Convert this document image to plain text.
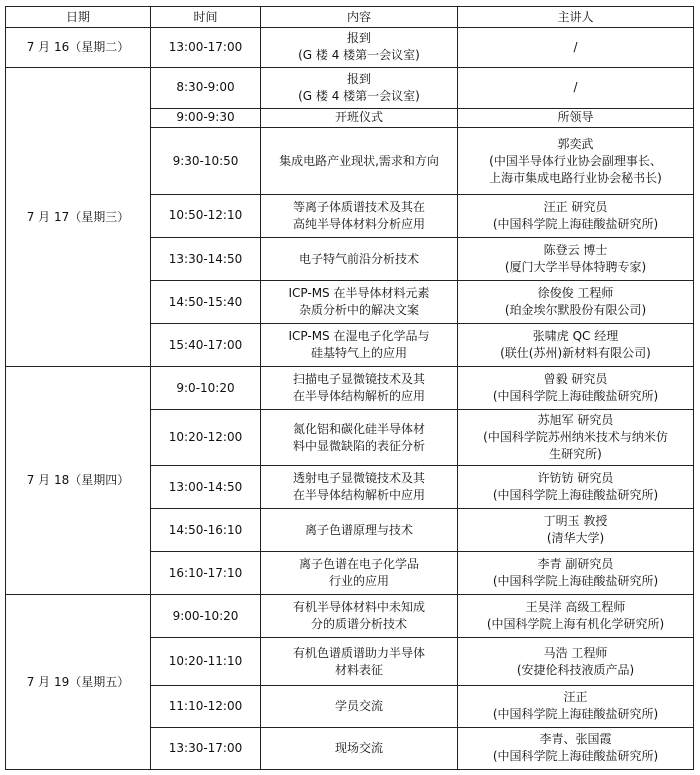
日期	时间	内容	主讲人
7 月 16（星期二）	13:00-17:00	报到
(G 楼 4 楼第一会议室)	/

7 月 17（星期三）	8:30-9:00	报到
(G 楼 4 楼第一会议室)	/

	9:00-9:30	开班仪式	所领导

	9:30-10:50	集成电路产业现状,需求和方向	郭奕武
(中国半导体行业协会副理事长、
上海市集成电路行业协会秘书长)

	10:50-12:10	等离子体质谱技术及其在
高纯半导体材料分析应用	汪正 研究员
(中国科学院上海硅酸盐研究所)

	13:30-14:50	电子特气前沿分析技术	陈登云 博士
(厦门大学半导体特聘专家)

	14:50-15:40	ICP-MS 在半导体材料元素
杂质分析中的解决文案	徐俊俊 工程师
(珀金埃尔默股份有限公司)

	15:40-17:00	ICP-MS 在湿电子化学品与
硅基特气上的应用	张啸虎 QC 经理
(联仕(苏州)新材料有限公司)

7 月 18（星期四）	9:0-10:20	扫描电子显微镜技术及其
在半导体结构解析的应用	曾毅 研究员
(中国科学院上海硅酸盐研究所)

	10:20-12:00	氮化铝和碳化硅半导体材
料中显微缺陷的表征分析	苏旭军 研究员
(中国科学院苏州纳米技术与纳米仿
生研究所)

	13:00-14:50	透射电子显微镜技术及其
在半导体结构解析中应用	许钫钫 研究员
(中国科学院上海硅酸盐研究所)

	14:50-16:10	离子色谱原理与技术	丁明玉 教授
(清华大学)

	16:10-17:10	离子色谱在电子化学品
行业的应用	李青 副研究员
(中国科学院上海硅酸盐研究所)

7 月 19（星期五）	9:00-10:20	有机半导体材料中未知成
分的质谱分析技术	王昊洋 高级工程师
(中国科学院上海有机化学研究所)

	10:20-11:10	有机色谱质谱助力半导体
材料表征	马浩 工程师
(安捷伦科技液质产品)

	11:10-12:00	学员交流	汪正
(中国科学院上海硅酸盐研究所)

	13:30-17:00	现场交流	李青、张国霞
(中国科学院上海硅酸盐研究所)
